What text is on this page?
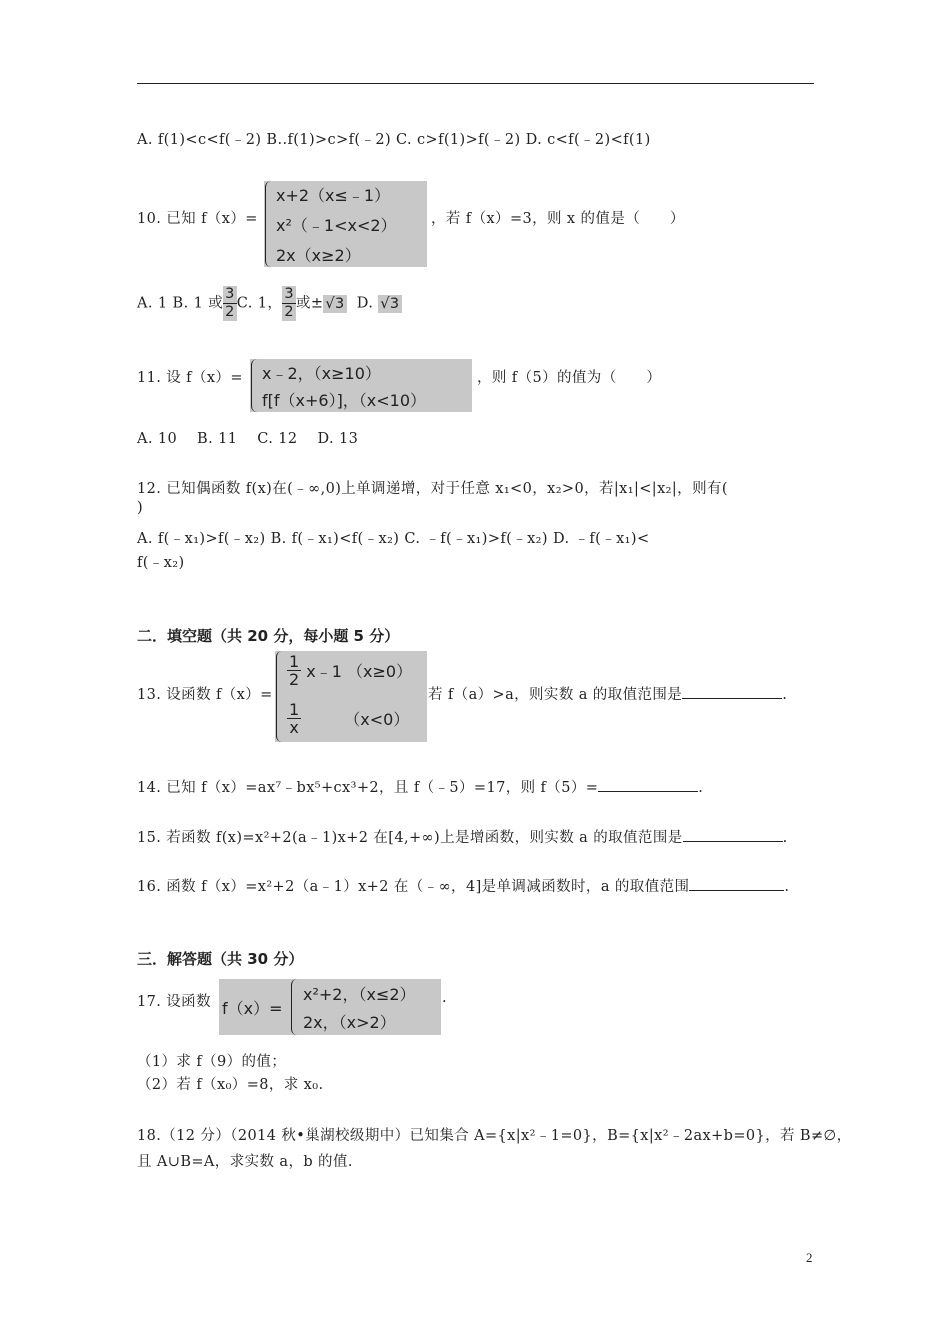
A. f(1)<c<f(﹣2) B..f(1)>c>f(﹣2) C. c>f(1)>f(﹣2) D. c<f(﹣2)<f(1)
10. 已知 f（x）=
x+2（x≤﹣1）
x²（﹣1<x<2）
2x（x≥2）
，若 f（x）=3，则 x 的值是（　　）
A. 1 B. 1 或 $\frac{3}{2} C$. 1， $\frac{3}{2}$ 或± √3 D. √3
11. 设 f（x）= x﹣2，（x≥10）
f[f（x+6）]，（x<10）
，则 f（5）的值为（　　）
A. 10　 B. 11　 C. 12　 D. 13
12. 已知偶函数 f(x)在(﹣∞,0)上单调递增，对于任意 x₁<0，x₂>0，若|x₁|<|x₂|，则有(
)
A. f(﹣x₁)>f(﹣x₂) B. f(﹣x₁)<f(﹣x₂) C. ﹣f(﹣x₁)>f(﹣x₂) D. ﹣f(﹣x₁)<
f(﹣x₂)
二．填空题（共 20 分，每小题 5 分）
13. 设函数 f（x）=
$\frac{1}{2}$ x﹣1 （x≥0）
$\frac{1}{x}$	（x<0）
若 f（a）>a，则实数 a 的取值范围是	.
14. 已知 f（x）=ax⁷﹣bx⁵+cx³+2，且 f（﹣5）=17，则 f（5）=	.
15. 若函数 f(x)=x²+2(a﹣1)x+2 在[4,+∞)上是增函数，则实数 a 的取值范围是	.
16. 函数 f（x）=x²+2（a﹣1）x+2 在（﹣∞，4]是单调减函数时，a 的取值范围	.
三．解答题（共 30 分）
17. 设函数 f（x）=
x²+2，（x≤2）
2x，（x>2）
.
（1）求 f（9）的值；
（2）若 f（x₀）=8，求 x₀.
18.（12 分）（2014 秋•巢湖校级期中）已知集合 A={x|x²﹣1=0}，B={x|x²﹣2ax+b=0}，若 B≠∅，
且 A∪B=A，求实数 a，b 的值.
2
